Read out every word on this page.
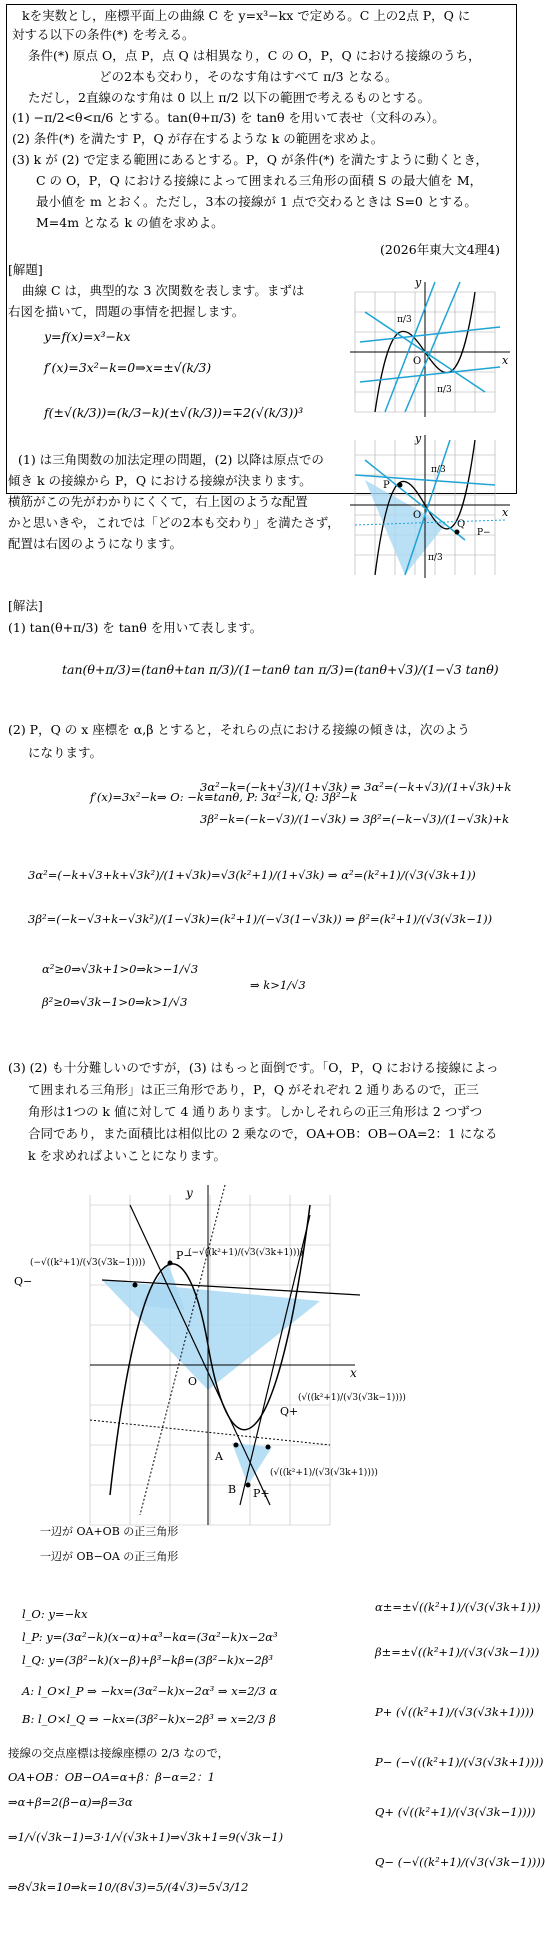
kを実数とし，座標平面上の曲線 C を y=x³−kx で定める。C 上の2点 P，Q に
対する以下の条件(*) を考える。
条件(*) 原点 O，点 P，点 Q は相異なり，C の O，P，Q における接線のうち，
どの2本も交わり，そのなす角はすべて π/3 となる。
ただし，2直線のなす角は 0 以上 π/2 以下の範囲で考えるものとする。
(1) −π/2<θ<π/6 とする。tan(θ+π/3) を tanθ を用いて表せ（文科のみ）。
(2) 条件(*) を満たす P，Q が存在するような k の範囲を求めよ。
(3) k が (2) で定まる範囲にあるとする。P，Q が条件(*) を満たすように動くとき，
C の O，P，Q における接線によって囲まれる三角形の面積 S の最大値を M，
最小値を m とおく。ただし，3本の接線が 1 点で交わるときは S=0 とする。
M=4m となる k の値を求めよ。
(2026年東大文4理4)
[解題]
曲線 C は，典型的な 3 次関数を表します。まずは
右図を描いて，問題の事情を把握します。
y=f(x)=x³−kx
f′(x)=3x²−k=0⇒x=±√(k/3)
f(±√(k/3))=(k/3−k)(±√(k/3))=∓2(√(k/3))³
(1) は三角関数の加法定理の問題，(2) 以降は原点での
傾き k の接線から P，Q における接線が決まります。
横筋がこの先がわかりにくくて，右上図のような配置
かと思いきや，これでは「どの2本も交わり」を満たさず，
配置は右図のようになります。
x
y
O
π/3
π/3
x
y
O
P
Q
P−
π/3
π/3
[解法]
(1) tan(θ+π/3) を tanθ を用いて表します。
tan(θ+π/3)=(tanθ+tan π/3)/(1−tanθ tan π/3)=(tanθ+√3)/(1−√3 tanθ)
(2) P，Q の x 座標を α,β とすると，それらの点における接線の傾きは，次のよう
になります。
f′(x)=3x²−k⇒ O: −k≡tanθ, P: 3α²−k, Q: 3β²−k
3α²−k=(−k+√3)/(1+√3k) ⇒ 3α²=(−k+√3)/(1+√3k)+k
3β²−k=(−k−√3)/(1−√3k) ⇒ 3β²=(−k−√3)/(1−√3k)+k
3α²=(−k+√3+k+√3k²)/(1+√3k)=√3(k²+1)/(1+√3k) ⇒ α²=(k²+1)/(√3(√3k+1))
3β²=(−k−√3+k−√3k²)/(1−√3k)=(k²+1)/(−√3(1−√3k)) ⇒ β²=(k²+1)/(√3(√3k−1))
α²≥0⇒√3k+1>0⇒k>−1/√3
β²≥0⇒√3k−1>0⇒k>1/√3
⇒ k>1/√3
(3) (2) も十分難しいのですが，(3) はもっと面倒です。「O，P，Q における接線によっ
て囲まれる三角形」は正三角形であり，P，Q がそれぞれ 2 通りあるので，正三
角形は1つの k 値に対して 4 通りあります。しかしそれらの正三角形は 2 つずつ
合同であり，また面積比は相似比の 2 乗なので，OA+OB：OB−OA=2：1 になる
k を求めればよいことになります。
x
y
O
P−
(−√((k²+1)/(√3(√3k+1))))
Q−
(−√((k²+1)/(√3(√3k−1))))
Q+
(√((k²+1)/(√3(√3k−1))))
A
B P+
(√((k²+1)/(√3(√3k+1))))
一辺が OA+OB の正三角形
一辺が OB−OA の正三角形
l_O: y=−kx
l_P: y=(3α²−k)(x−α)+α³−kα=(3α²−k)x−2α³
l_Q: y=(3β²−k)(x−β)+β³−kβ=(3β²−k)x−2β³
A: l_O×l_P ⇒ −kx=(3α²−k)x−2α³ ⇒ x=2/3 α
B: l_O×l_Q ⇒ −kx=(3β²−k)x−2β³ ⇒ x=2/3 β
接線の交点座標は接線座標の 2/3 なので，
OA+OB：OB−OA=α+β：β−α=2：1
⇒α+β=2(β−α)⇒β=3α
⇒1/√(√3k−1)=3·1/√(√3k+1)⇒√3k+1=9(√3k−1)
⇒8√3k=10⇒k=10/(8√3)=5/(4√3)=5√3/12
α±=±√((k²+1)/(√3(√3k+1)))
β±=±√((k²+1)/(√3(√3k−1)))
P+ (√((k²+1)/(√3(√3k+1))))
P− (−√((k²+1)/(√3(√3k+1))))
Q+ (√((k²+1)/(√3(√3k−1))))
Q− (−√((k²+1)/(√3(√3k−1))))
